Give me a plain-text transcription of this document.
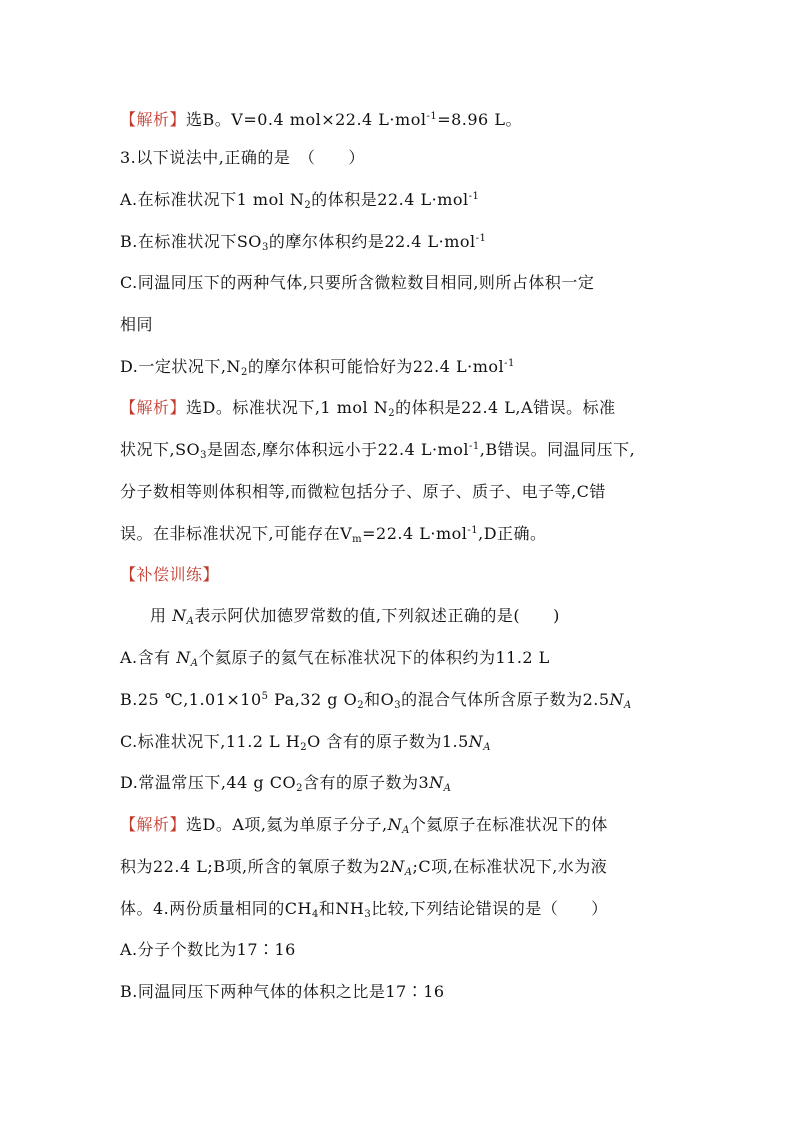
【解析】选B。V=0.4 mol×22.4 L·mol$^{-1}$=8.96 L。
3.以下说法中,正确的是　（　　）
A.在标准状况下1 mol $N_2$的体积是22.4 L·mol$^{-1}$
B.在标准状况下$SO_3$的摩尔体积约是22.4 L·mol$^{-1}$
C.同温同压下的两种气体,只要所含微粒数目相同,则所占体积一定
相同
D.一定状况下$,N_2$的摩尔体积可能恰好为22.4 L·mol$^{-1}$
【解析】选D。标准状况下,1 mol $N_2$的体积是22.4 L,A错误。标准
状况下$,SO_3$是固态,摩尔体积远小于22.4 L·mol$^{-1}$,B错误。同温同压下,
分子数相等则体积相等,而微粒包括分子、原子、质子、电子等,C错
误。在非标准状况下,可能存在$V_m=22.4$ L·mol$^{-1}$,D正确。
【补偿训练】
用 $N_A$表示阿伏加德罗常数的值,下列叙述正确的是(　　)
A.含有 $N_A$个氦原子的氦气在标准状况下的体积约为11.2 L
B.25 $℃,1.01\times 10^5$ Pa,32 g $O_2$和$O_3$的混合气体所含原子数为$2.5N_A$
C.标准状况下,11.2 L $H_2O$ 含有的原子数为$1.5N_A$
D.常温常压下,44 g $CO_2$含有的原子数为$3N_A$
【解析】选D。A项,氦为单原子分子$,N_A$个氦原子在标准状况下的体
积为22.4 L;B项,所含的氧原子数为$2N_A;C$项,在标准状况下,水为液
体。4.两份质量相同的$CH_4$和$NH_3$比较,下列结论错误的是（　　）
A.分子个数比为17∶16
B.同温同压下两种气体的体积之比是17∶16
